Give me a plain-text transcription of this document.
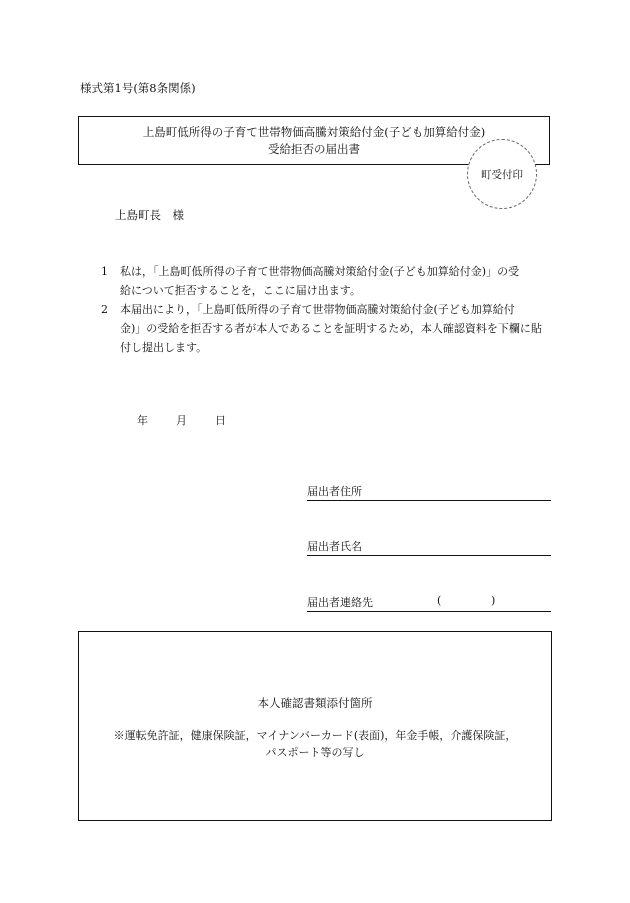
様式第1号(第8条関係)
上島町低所得の子育て世帯物価高騰対策給付金(子ども加算給付金)
受給拒否の届出書
町受付印
上島町長　様
1 私は，「上島町低所得の子育て世帯物価高騰対策給付金(子ども加算給付金)」の受
給について拒否することを，ここに届け出ます。
2 本届出により，「上島町低所得の子育て世帯物価高騰対策給付金(子ども加算給付
金)」の受給を拒否する者が本人であることを証明するため，本人確認資料を下欄に貼
付し提出します。
年	月	日
届出者住所
届出者氏名
届出者連絡先	(	)
本人確認書類添付箇所
※運転免許証，健康保険証，マイナンバーカード(表面)，年金手帳，介護保険証，
パスポート等の写し
